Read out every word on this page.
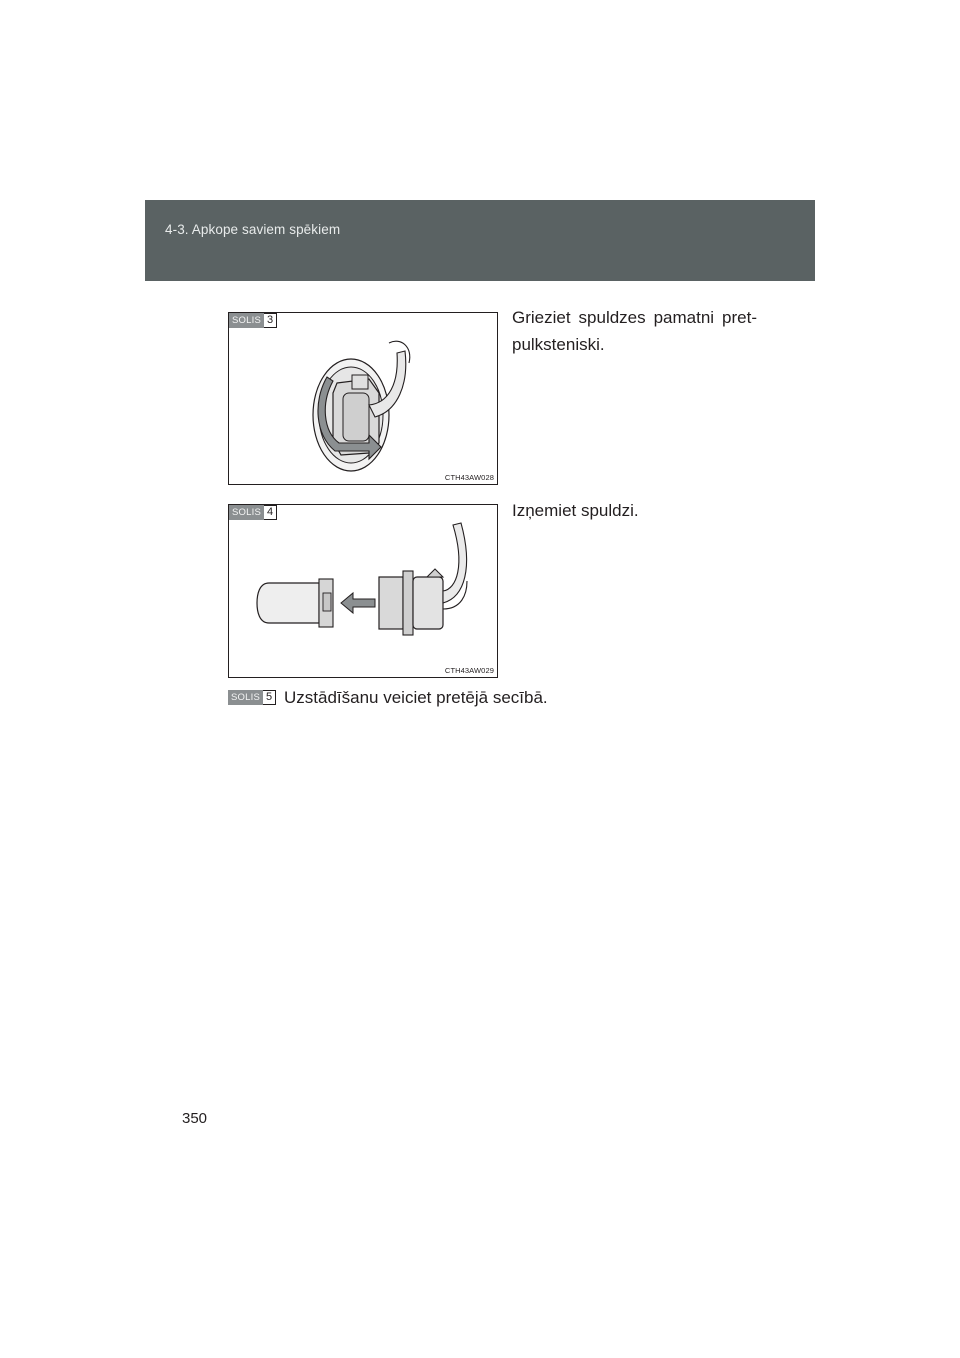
4-3. Apkope saviem spēkiem
SOLIS 3
CTH43AW028
Grieziet spuldzes pamatni pret-
pulksteniski.
SOLIS 4
CTH43AW029
Izņemiet spuldzi.
SOLIS 5 Uzstādīšanu veiciet pretējā secībā.
350
